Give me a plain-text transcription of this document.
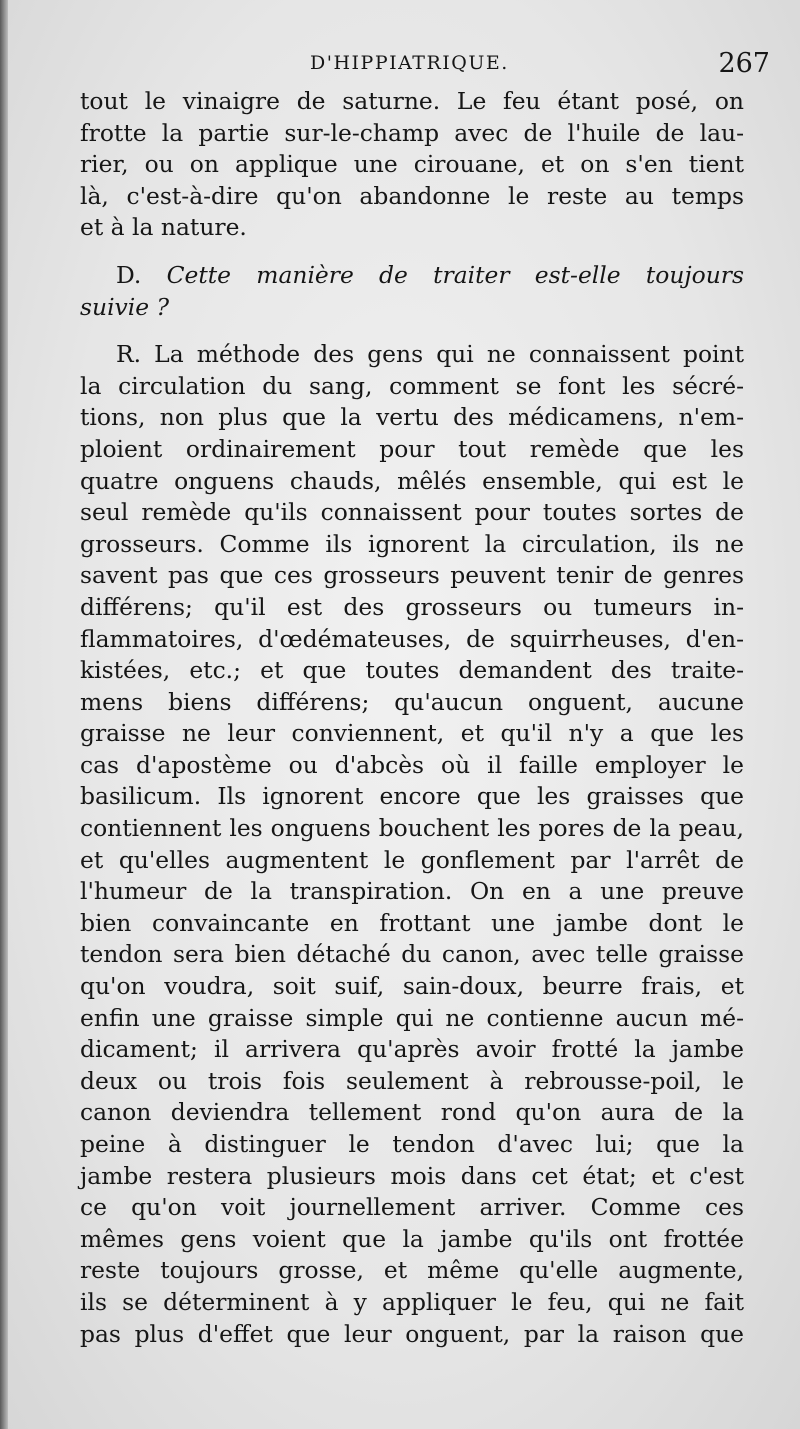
D'HIPPIATRIQUE.	267
tout le vinaigre de saturne. Le feu étant posé, on
frotte la partie sur-le-champ avec de l'huile de lau-
rier, ou on applique une cirouane, et on s'en tient
là, c'est-à-dire qu'on abandonne le reste au temps
et à la nature.
D. Cette manière de traiter est-elle toujours
suivie ?
R. La méthode des gens qui ne connaissent point
la circulation du sang, comment se font les sécré-
tions, non plus que la vertu des médicamens, n'em-
ploient ordinairement pour tout remède que les
quatre onguens chauds, mêlés ensemble, qui est le
seul remède qu'ils connaissent pour toutes sortes de
grosseurs. Comme ils ignorent la circulation, ils ne
savent pas que ces grosseurs peuvent tenir de genres
différens; qu'il est des grosseurs ou tumeurs in-
flammatoires, d'œdémateuses, de squirrheuses, d'en-
kistées, etc.; et que toutes demandent des traite-
mens biens différens; qu'aucun onguent, aucune
graisse ne leur conviennent, et qu'il n'y a que les
cas d'apostème ou d'abcès où il faille employer le
basilicum. Ils ignorent encore que les graisses que
contiennent les onguens bouchent les pores de la peau,
et qu'elles augmentent le gonflement par l'arrêt de
l'humeur de la transpiration. On en a une preuve
bien convaincante en frottant une jambe dont le
tendon sera bien détaché du canon, avec telle graisse
qu'on voudra, soit suif, sain-doux, beurre frais, et
enfin une graisse simple qui ne contienne aucun mé-
dicament; il arrivera qu'après avoir frotté la jambe
deux ou trois fois seulement à rebrousse-poil, le
canon deviendra tellement rond qu'on aura de la
peine à distinguer le tendon d'avec lui; que la
jambe restera plusieurs mois dans cet état; et c'est
ce qu'on voit journellement arriver. Comme ces
mêmes gens voient que la jambe qu'ils ont frottée
reste toujours grosse, et même qu'elle augmente,
ils se déterminent à y appliquer le feu, qui ne fait
pas plus d'effet que leur onguent, par la raison que
